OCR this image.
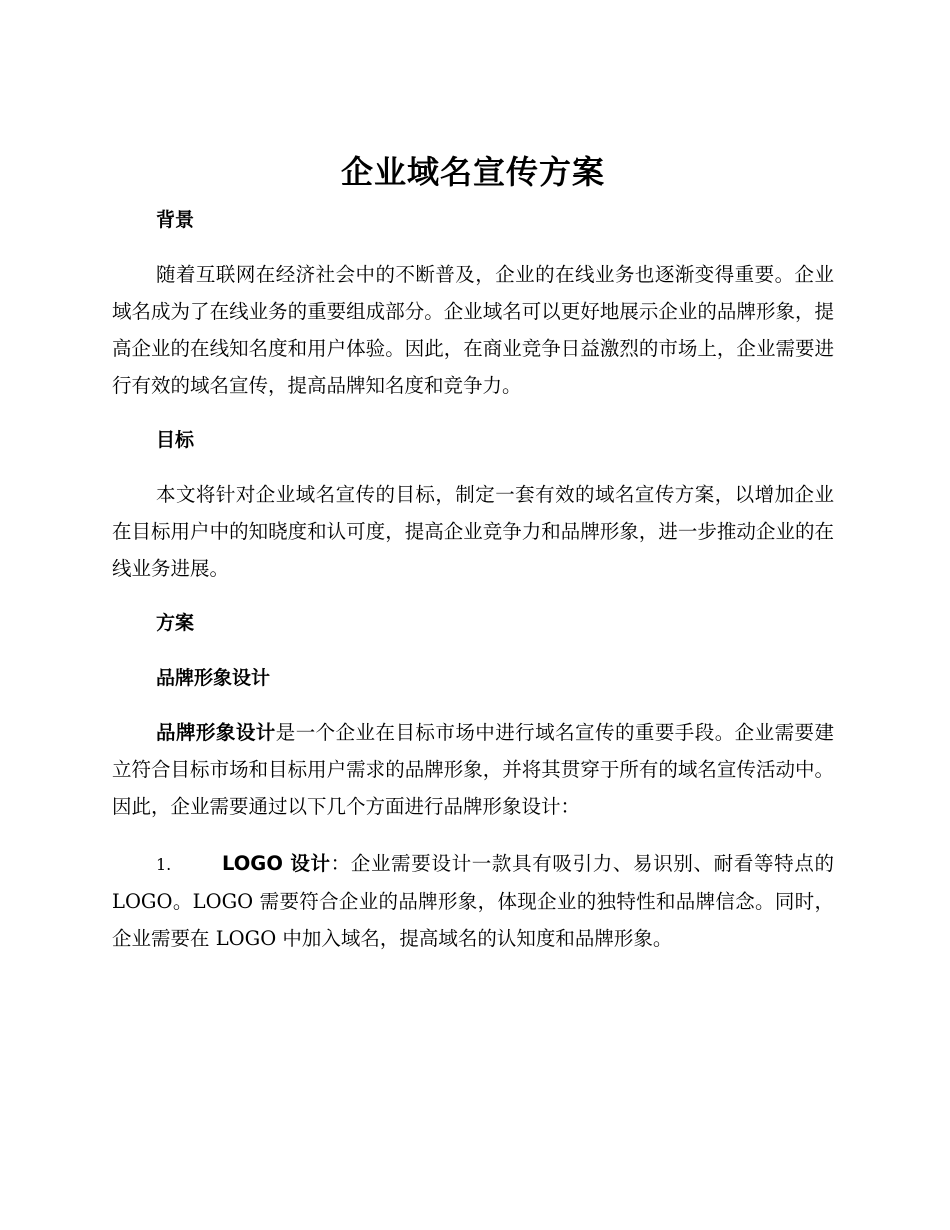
企业域名宣传方案

背景

随着互联网在经济社会中的不断普及，企业的在线业务也逐渐变得重要。企业域名成为了在线业务的重要组成部分。企业域名可以更好地展示企业的品牌形象，提高企业的在线知名度和用户体验。因此，在商业竞争日益激烈的市场上，企业需要进行有效的域名宣传，提高品牌知名度和竞争力。

目标

本文将针对企业域名宣传的目标，制定一套有效的域名宣传方案，以增加企业在目标用户中的知晓度和认可度，提高企业竞争力和品牌形象，进一步推动企业的在线业务进展。

方案

品牌形象设计

品牌形象设计是一个企业在目标市场中进行域名宣传的重要手段。企业需要建立符合目标市场和目标用户需求的品牌形象，并将其贯穿于所有的域名宣传活动中。因此，企业需要通过以下几个方面进行品牌形象设计：

1.	LOGO 设计：企业需要设计一款具有吸引力、易识别、耐看等特点的 LOGO。LOGO 需要符合企业的品牌形象，体现企业的独特性和品牌信念。同时，企业需要在 LOGO 中加入域名，提高域名的认知度和品牌形象。
